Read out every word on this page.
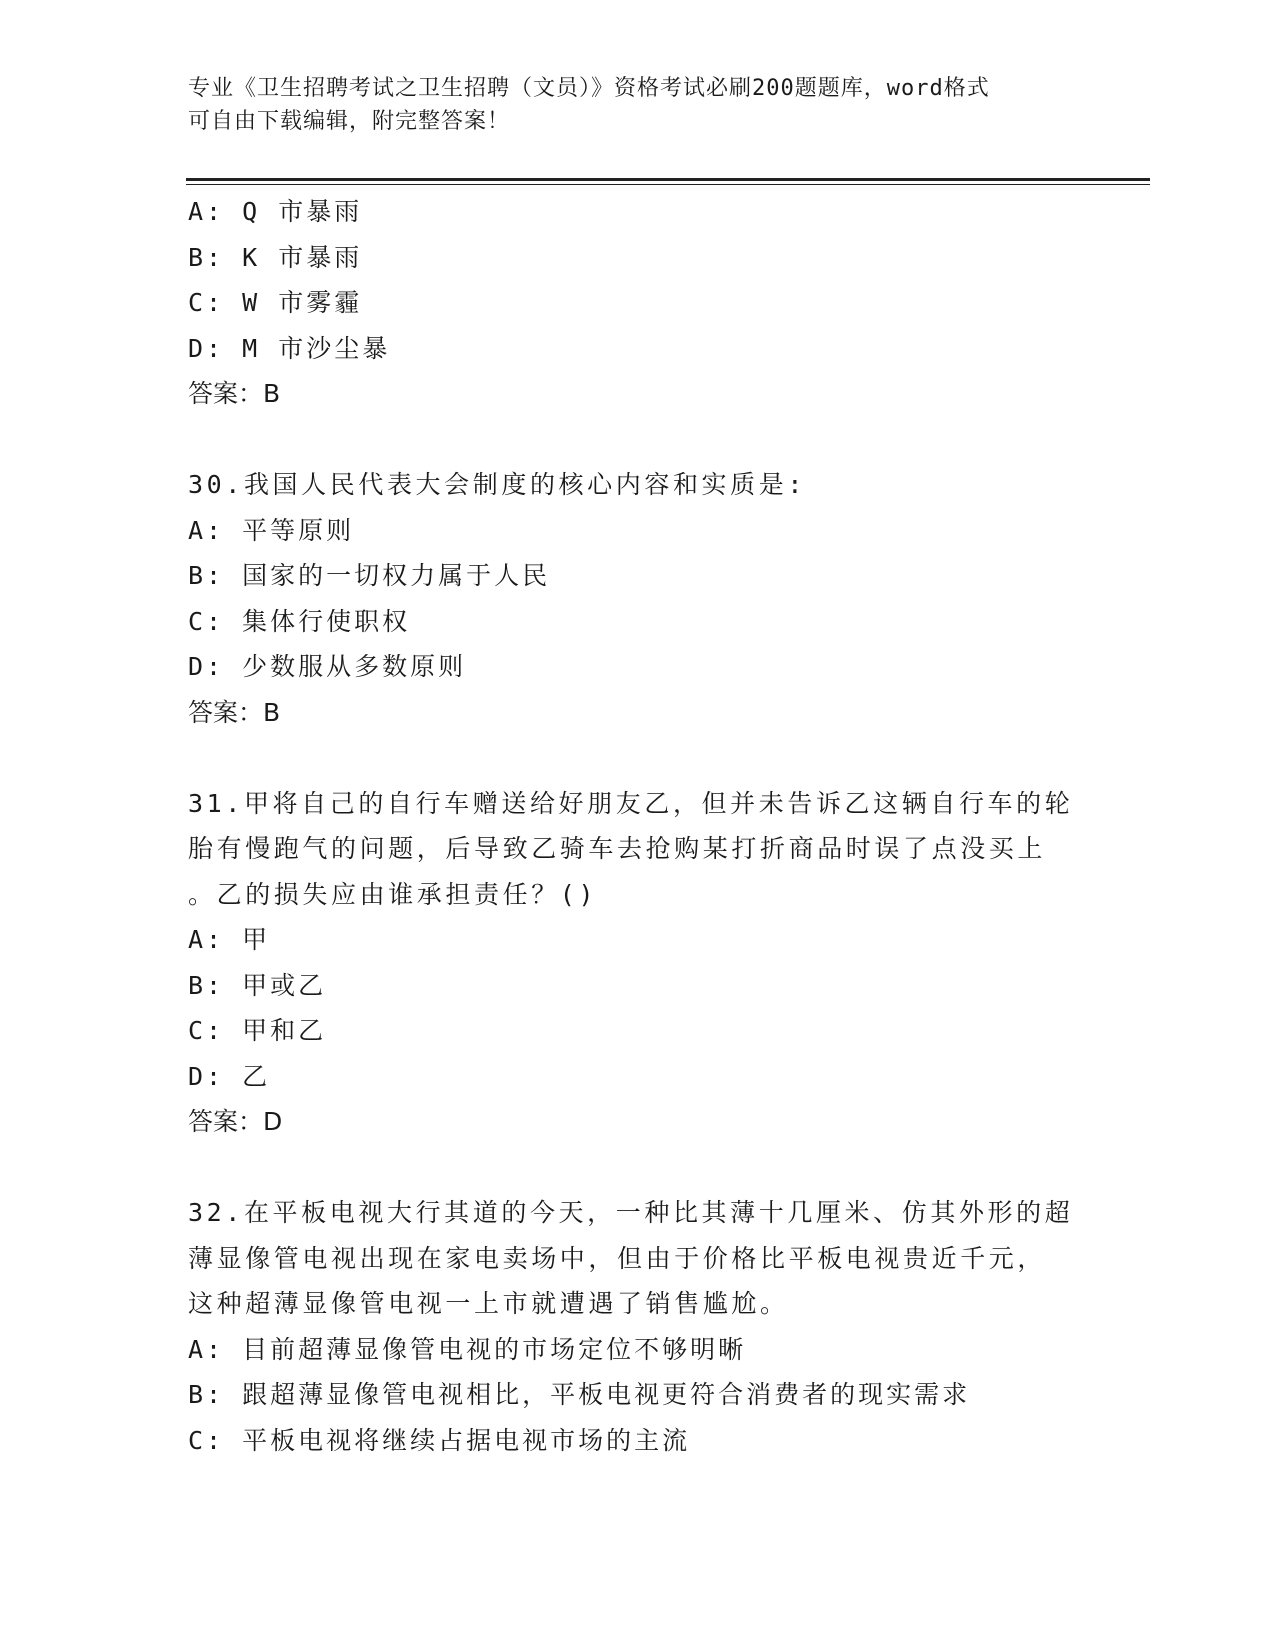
专业《卫生招聘考试之卫生招聘（文员）》资格考试必刷200题题库，word格式
可自由下载编辑，附完整答案！
A: Q 市暴雨
B: K 市暴雨
C: W 市雾霾
D: M 市沙尘暴
答案：B
30.我国人民代表大会制度的核心内容和实质是:
A: 平等原则
B: 国家的一切权力属于人民
C: 集体行使职权
D: 少数服从多数原则
答案：B
31.甲将自己的自行车赠送给好朋友乙，但并未告诉乙这辆自行车的轮
胎有慢跑气的问题，后导致乙骑车去抢购某打折商品时误了点没买上
。乙的损失应由谁承担责任？()
A: 甲
B: 甲或乙
C: 甲和乙
D: 乙
答案：D
32.在平板电视大行其道的今天，一种比其薄十几厘米、仿其外形的超
薄显像管电视出现在家电卖场中，但由于价格比平板电视贵近千元，
这种超薄显像管电视一上市就遭遇了销售尴尬。
A: 目前超薄显像管电视的市场定位不够明晰
B: 跟超薄显像管电视相比，平板电视更符合消费者的现实需求
C: 平板电视将继续占据电视市场的主流
